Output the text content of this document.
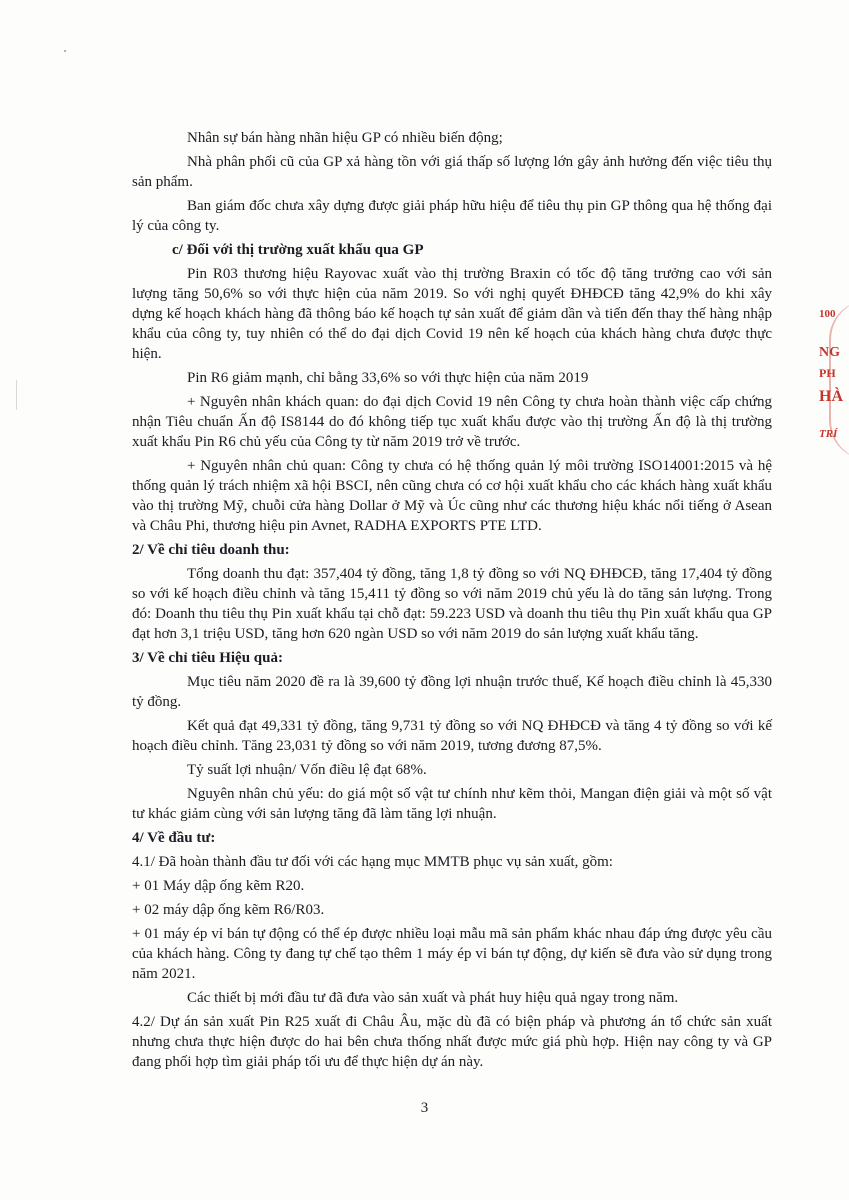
Nhân sự bán hàng nhãn hiệu GP có nhiều biến động;

Nhà phân phối cũ của GP xả hàng tồn với giá thấp số lượng lớn gây ảnh hưởng đến việc tiêu thụ sản phẩm.

Ban giám đốc chưa xây dựng được giải pháp hữu hiệu để tiêu thụ pin GP thông qua hệ thống đại lý của công ty.

c/ Đối với thị trường xuất khẩu qua GP

Pin R03 thương hiệu Rayovac xuất vào thị trường Braxin có tốc độ tăng trưởng cao với sản lượng tăng 50,6% so với thực hiện của năm 2019. So với nghị quyết ĐHĐCĐ tăng 42,9% do khi xây dựng kế hoạch khách hàng đã thông báo kế hoạch tự sản xuất để giảm dần và tiến đến thay thế hàng nhập khẩu của công ty, tuy nhiên có thể do đại dịch Covid 19 nên kế hoạch của khách hàng chưa được thực hiện.

Pin R6 giảm mạnh, chỉ bằng 33,6% so với thực hiện của năm 2019

+ Nguyên nhân khách quan: do đại dịch Covid 19 nên Công ty chưa hoàn thành việc cấp chứng nhận Tiêu chuẩn Ấn độ IS8144 do đó không tiếp tục xuất khẩu được vào thị trường Ấn độ là thị trường xuất khẩu Pin R6 chủ yếu của Công ty từ năm 2019 trở về trước.

+ Nguyên nhân chủ quan: Công ty chưa có hệ thống quản lý môi trường ISO14001:2015 và hệ thống quản lý trách nhiệm xã hội BSCI, nên cũng chưa có cơ hội xuất khẩu cho các khách hàng xuất khẩu vào thị trường Mỹ, chuỗi cửa hàng Dollar ở Mỹ và Úc cũng như các thương hiệu khác nổi tiếng ở Asean và Châu Phi, thương hiệu pin Avnet, RADHA EXPORTS PTE LTD.

2/ Về chỉ tiêu doanh thu:

Tổng doanh thu đạt: 357,404 tỷ đồng, tăng 1,8 tỷ đồng so với NQ ĐHĐCĐ, tăng 17,404 tỷ đồng so với kế hoạch điều chỉnh và tăng 15,411 tỷ đồng so với năm 2019 chủ yếu là do tăng sản lượng. Trong đó: Doanh thu tiêu thụ Pin xuất khẩu tại chỗ đạt: 59.223 USD và doanh thu tiêu thụ Pin xuất khẩu qua GP đạt hơn 3,1 triệu USD, tăng hơn 620 ngàn USD so với năm 2019 do sản lượng xuất khẩu tăng.

3/ Về chỉ tiêu Hiệu quả:

Mục tiêu năm 2020 đề ra là 39,600 tỷ đồng lợi nhuận trước thuế, Kế hoạch điều chỉnh là 45,330 tỷ đồng.

Kết quả đạt 49,331 tỷ đồng, tăng 9,731 tỷ đồng so với NQ ĐHĐCĐ và tăng 4 tỷ đồng so với kế hoạch điều chỉnh. Tăng 23,031 tỷ đồng so với năm 2019, tương đương 87,5%.

Tỷ suất lợi nhuận/ Vốn điều lệ đạt 68%.

Nguyên nhân chủ yếu: do giá một số vật tư chính như kẽm thỏi, Mangan điện giải và một số vật tư khác giảm cùng với sản lượng tăng đã làm tăng lợi nhuận.

4/ Về đầu tư:

4.1/ Đã hoàn thành đầu tư đối với các hạng mục MMTB phục vụ sản xuất, gồm:

+ 01 Máy dập ống kẽm R20.

+ 02 máy dập ống kẽm R6/R03.

+ 01 máy ép vỉ bán tự động có thể ép được nhiều loại mẫu mã sản phẩm khác nhau đáp ứng được yêu cầu của khách hàng. Công ty đang tự chế tạo thêm 1 máy ép vỉ bán tự động, dự kiến sẽ đưa vào sử dụng trong năm 2021.

Các thiết bị mới đầu tư đã đưa vào sản xuất và phát huy hiệu quả ngay trong năm.

4.2/ Dự án sản xuất Pin R25 xuất đi Châu Âu, mặc dù đã có biện pháp và phương án tổ chức sản xuất nhưng chưa thực hiện được do hai bên chưa thống nhất được mức giá phù hợp. Hiện nay công ty và GP đang phối hợp tìm giải pháp tối ưu để thực hiện dự án này.

3
100
NG
PH
HÀ
TRÍ
